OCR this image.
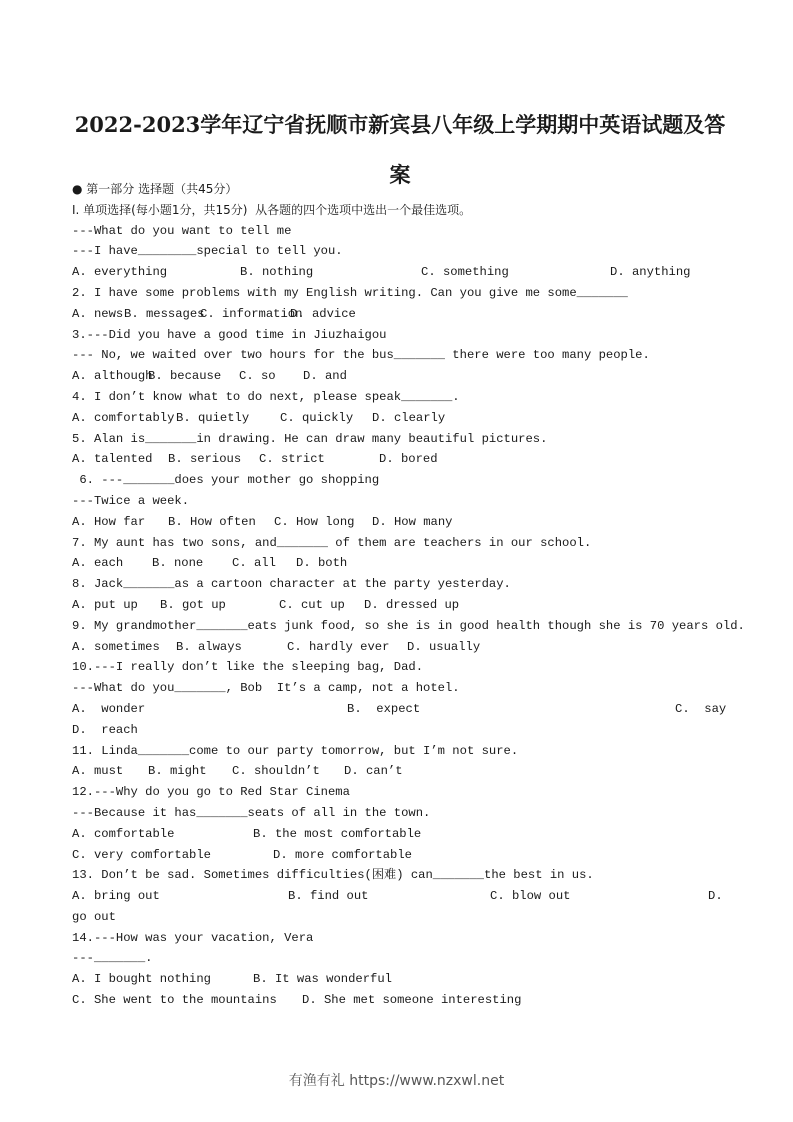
2022-2023学年辽宁省抚顺市新宾县八年级上学期期中英语试题及答
案
● 第一部分 选择题（共45分）
Ⅰ. 单项选择(每小题1分，共15分)  从各题的四个选项中选出一个最佳选项。
---What do you want to tell me
---I have________special to tell you.
A. everything	B. nothing	C. something	D. anything
2. I have some problems with my English writing. Can you give me some_______
A. news B. messages
C. information
D. advice
3.---Did you have a good time in Jiuzhaigou
--- No, we waited over two hours for the bus_______ there were too many people.
A. although
B. because C. so D. and
4. I don’t know what to do next, please speak_______.
A. comfortably B. quietly	C. quickly D. clearly
5. Alan is_______in drawing. He can draw many beautiful pictures.
A. talented B. serious C. strict	D. bored
6. ---_______does your mother go shopping
---Twice a week.
A. How far B. How often C. How long D. How many
7. My aunt has two sons, and_______ of them are teachers in our school.
A. each B. none C. all D. both
8. Jack_______as a cartoon character at the party yesterday.
A. put up B. got up	C. cut up D. dressed up
9. My grandmother_______eats junk food, so she is in good health though she is 70 years old.
A. sometimes B. always	C. hardly ever D. usually
10.---I really don’t like the sleeping bag, Dad.
---What do you_______, Bob  It’s a camp, not a hotel.
A.  wonder	B.  expect	C.  say
D.  reach
11. Linda_______come to our party tomorrow, but I’m not sure.
A. must B. might C. shouldn’t D. can’t
12.---Why do you go to Red Star Cinema
---Because it has_______seats of all in the town.
A. comfortable	B. the most comfortable
C. very comfortable	D. more comfortable
13. Don’t be sad. Sometimes difficulties(困难) can_______the best in us.
A. bring out	B. find out	C. blow out	D.
go out
14.---How was your vacation, Vera
---_______.
A. I bought nothing	B. It was wonderful
C. She went to the mountains D. She met someone interesting
有渔有礼 https://www.nzxwl.net
